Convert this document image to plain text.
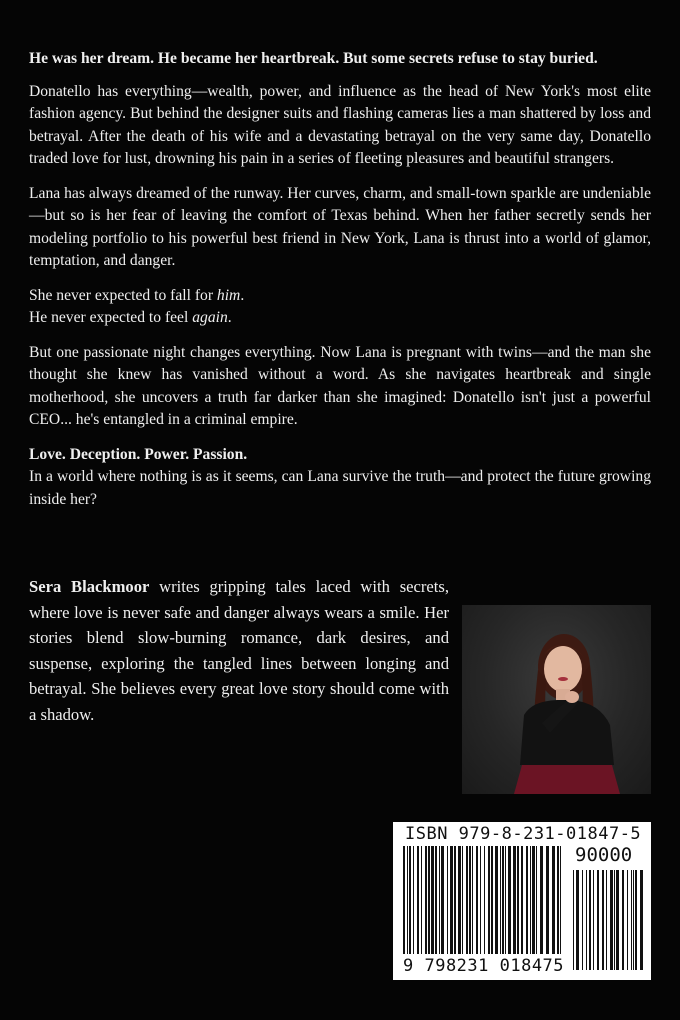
He was her dream. He became her heartbreak. But some secrets refuse to stay buried.

Donatello has everything—wealth, power, and influence as the head of New York's most elite fashion agency. But behind the designer suits and flashing cameras lies a man shattered by loss and betrayal. After the death of his wife and a devastating betrayal on the very same day, Donatello traded love for lust, drowning his pain in a series of fleeting pleasures and beautiful strangers.

Lana has always dreamed of the runway. Her curves, charm, and small-town sparkle are undeniable—but so is her fear of leaving the comfort of Texas behind. When her father secretly sends her modeling portfolio to his powerful best friend in New York, Lana is thrust into a world of glamor, temptation, and danger.

She never expected to fall for him.
He never expected to feel again.

But one passionate night changes everything. Now Lana is pregnant with twins—and the man she thought she knew has vanished without a word. As she navigates heartbreak and single motherhood, she uncovers a truth far darker than she imagined: Donatello isn't just a powerful CEO... he's entangled in a criminal empire.

Love. Deception. Power. Passion.

In a world where nothing is as it seems, can Lana survive the truth—and protect the future growing inside her?

Sera Blackmoor writes gripping tales laced with secrets, where love is never safe and danger always wears a smile. Her stories blend slow-burning romance, dark desires, and suspense, exploring the tangled lines between longing and betrayal. She believes every great love story should come with a shadow.

ISBN 979-8-231-01847-5
90000
9 798231 018475
